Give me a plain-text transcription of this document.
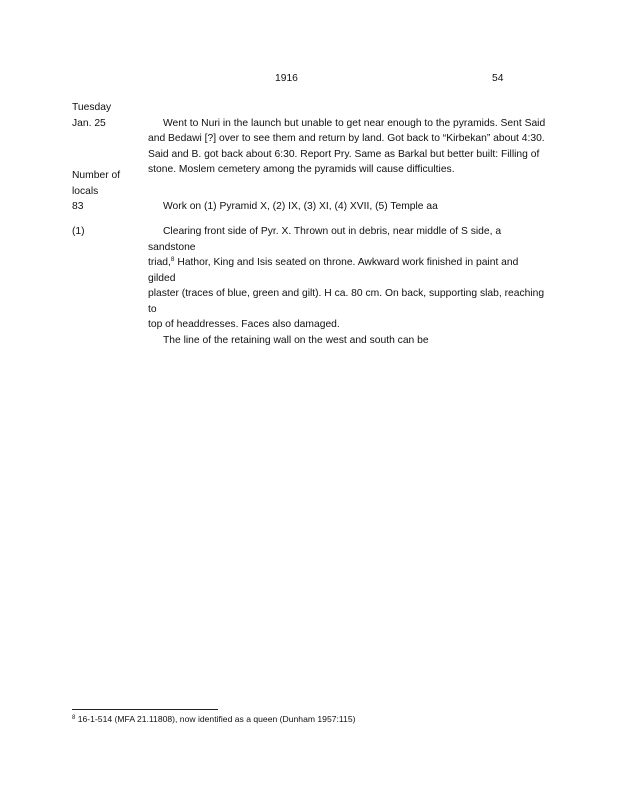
1916	54
Tuesday
Jan. 25	Went to Nuri in the launch but unable to get near enough to the pyramids. Sent Said
and Bedawi [?] over to see them and return by land. Got back to “Kirbekan” about 4:30.
Said and B. got back about 6:30. Report Pry. Same as Barkal but better built: Filling of
stone. Moslem cemetery among the pyramids will cause difficulties.
Number of
locals
83	Work on (1) Pyramid X, (2) IX, (3) XI, (4) XVII, (5) Temple aa
(1)	Clearing front side of Pyr. X. Thrown out in debris, near middle of S side, a sandstone
triad,$^8$ Hathor, King and Isis seated on throne. Awkward work finished in paint and gilded
plaster (traces of blue, green and gilt). H ca. 80 cm. On back, supporting slab, reaching to
top of headdresses. Faces also damaged.
The line of the retaining wall on the west and south can be
$^8$ 16-1-514 (MFA 21.11808), now identified as a queen (Dunham 1957:115)
